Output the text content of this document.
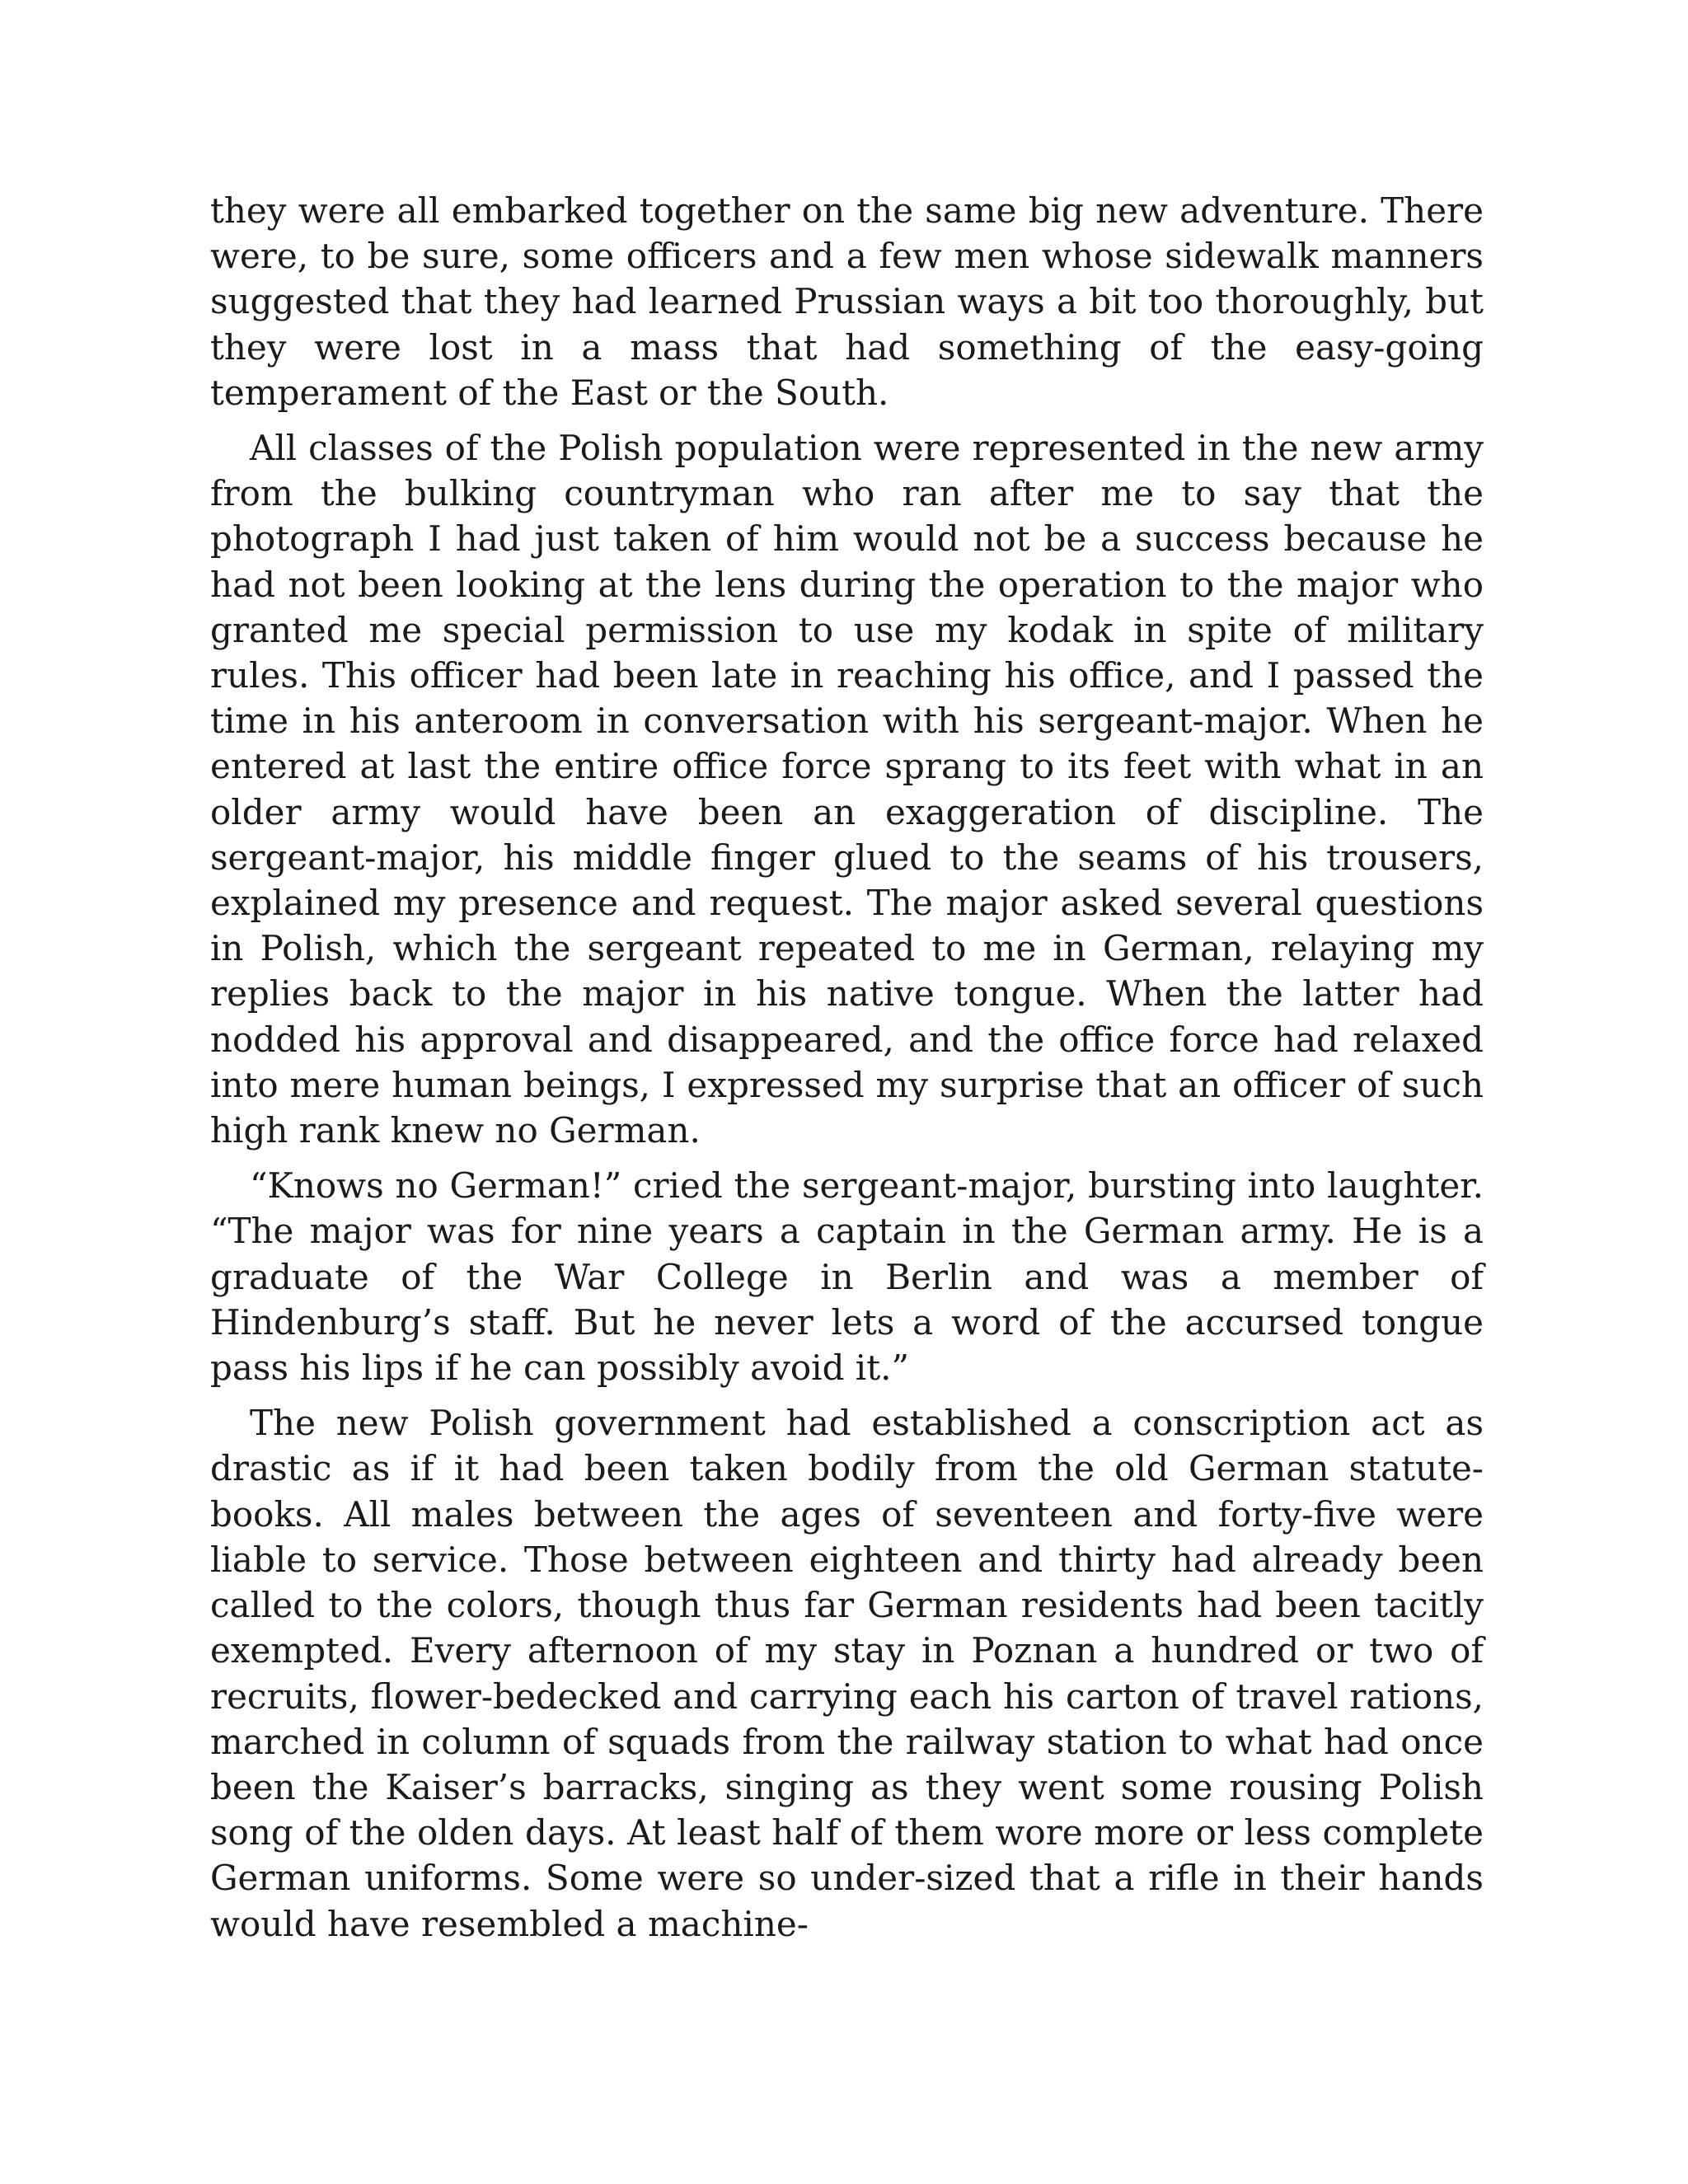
they were all embarked together on the same big new adventure. There were, to be sure, some officers and a few men whose sidewalk manners suggested that they had learned Prussian ways a bit too thoroughly, but they were lost in a mass that had something of the easy-going temperament of the East or the South.

All classes of the Polish population were represented in the new army from the bulking countryman who ran after me to say that the photograph I had just taken of him would not be a success because he had not been looking at the lens during the operation to the major who granted me special permission to use my kodak in spite of military rules. This officer had been late in reaching his office, and I passed the time in his anteroom in conversation with his sergeant-major. When he entered at last the entire office force sprang to its feet with what in an older army would have been an exaggeration of discipline. The sergeant-major, his middle finger glued to the seams of his trousers, explained my presence and request. The major asked several questions in Polish, which the sergeant repeated to me in German, relaying my replies back to the major in his native tongue. When the latter had nodded his approval and disappeared, and the office force had relaxed into mere human beings, I expressed my surprise that an officer of such high rank knew no German.

“Knows no German!” cried the sergeant-major, bursting into laughter. “The major was for nine years a captain in the German army. He is a graduate of the War College in Berlin and was a member of Hindenburg’s staff. But he never lets a word of the accursed tongue pass his lips if he can possibly avoid it.”

The new Polish government had established a conscription act as drastic as if it had been taken bodily from the old German statute-books. All males between the ages of seventeen and forty-five were liable to service. Those between eighteen and thirty had already been called to the colors, though thus far German residents had been tacitly exempted. Every afternoon of my stay in Poznan a hundred or two of recruits, flower-bedecked and carrying each his carton of travel rations, marched in column of squads from the railway station to what had once been the Kaiser’s barracks, singing as they went some rousing Polish song of the olden days. At least half of them wore more or less complete German uniforms. Some were so under-sized that a rifle in their hands would have resembled a machine-
